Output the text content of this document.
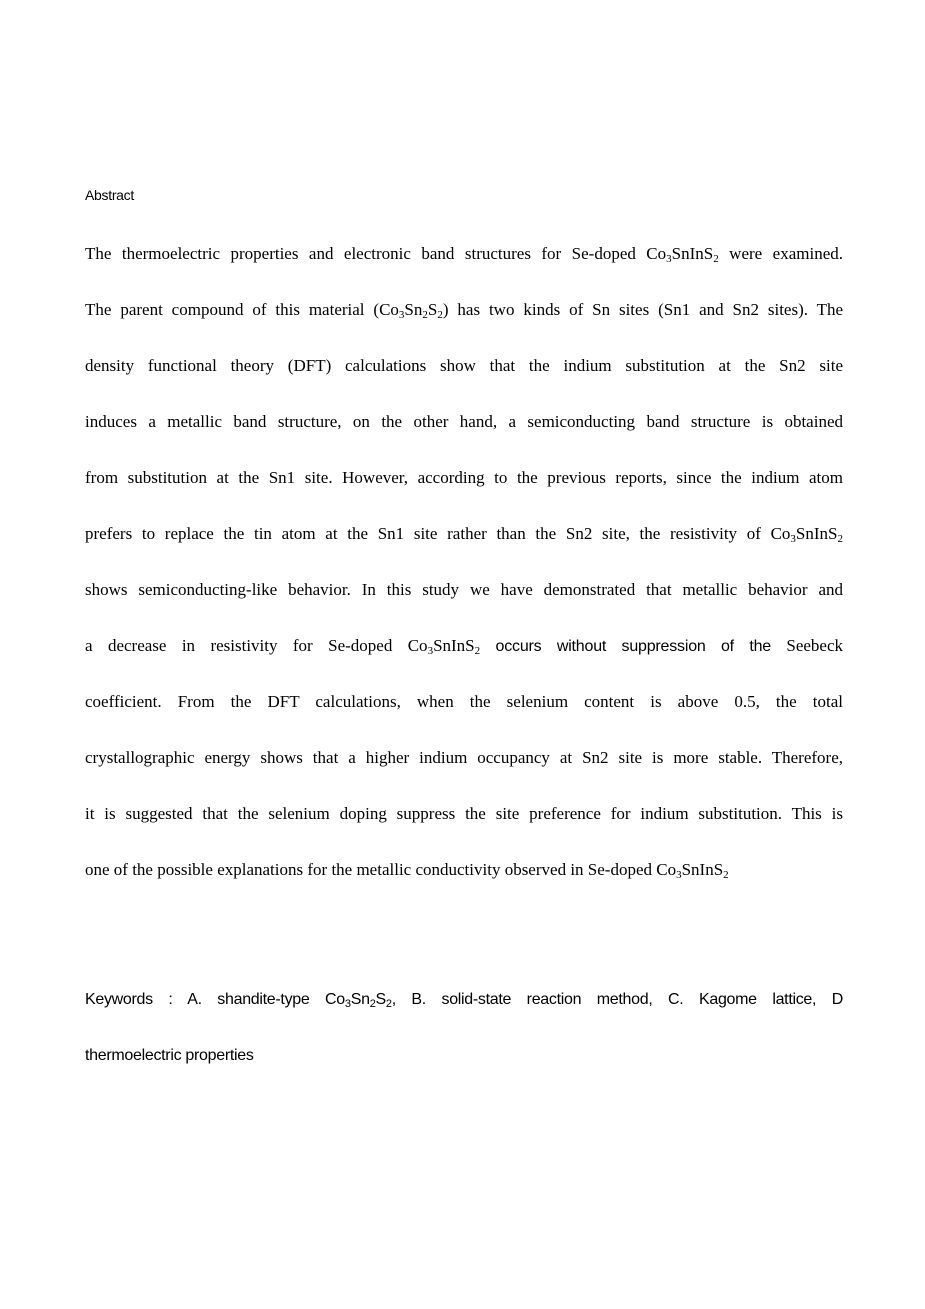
Abstract
The thermoelectric properties and electronic band structures for Se-doped $Co_3SnInS_2$ were examined.
The parent compound of this material $(Co_3Sn_2S_2)$ has two kinds of Sn sites (Sn1 and Sn2 sites). The
density functional theory (DFT) calculations show that the indium substitution at the Sn2 site
induces a metallic band structure, on the other hand, a semiconducting band structure is obtained
from substitution at the Sn1 site. However, according to the previous reports, since the indium atom
prefers to replace the tin atom at the Sn1 site rather than the Sn2 site, the resistivity of $Co_3SnInS_2$
shows semiconducting-like behavior. In this study we have demonstrated that metallic behavior and
a decrease in resistivity for Se-doped $Co_3SnInS_2$ occurs without suppression of the Seebeck
coefficient. From the DFT calculations, when the selenium content is above 0.5, the total
crystallographic energy shows that a higher indium occupancy at Sn2 site is more stable. Therefore,
it is suggested that the selenium doping suppress the site preference for indium substitution. This is
one of the possible explanations for the metallic conductivity observed in Se-doped $Co_3SnInS_2$
Keywords : A. shandite-type $Co_3Sn_2S_2$, B. solid-state reaction method, C. Kagome lattice, D
thermoelectric properties
